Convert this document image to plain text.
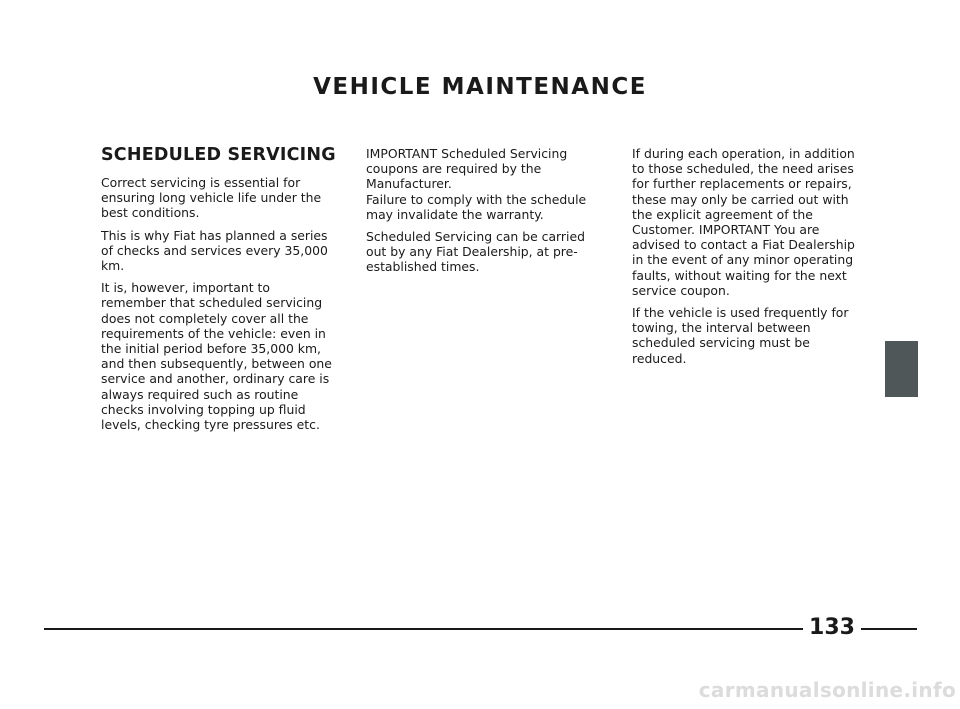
VEHICLE MAINTENANCE
SCHEDULED SERVICING

Correct servicing is essential for ensuring long vehicle life under the best conditions.

This is why Fiat has planned a series of checks and services every 35,000 km.

It is, however, important to remember that scheduled servicing does not completely cover all the requirements of the vehicle: even in the initial period before 35,000 km, and then subsequently, between one service and another, ordinary care is always required such as routine checks involving topping up fluid levels, checking tyre pressures etc.

IMPORTANT Scheduled Servicing coupons are required by the Manufacturer.

Failure to comply with the schedule may invalidate the warranty.

Scheduled Servicing can be carried out by any Fiat Dealership, at pre-established times.

If during each operation, in addition to those scheduled, the need arises for further replacements or repairs, these may only be carried out with the explicit agreement of the Customer. IMPORTANT You are advised to contact a Fiat Dealership in the event of any minor operating faults, without waiting for the next service coupon.

If the vehicle is used frequently for towing, the interval between scheduled servicing must be reduced.

133
carmanualsonline.info
